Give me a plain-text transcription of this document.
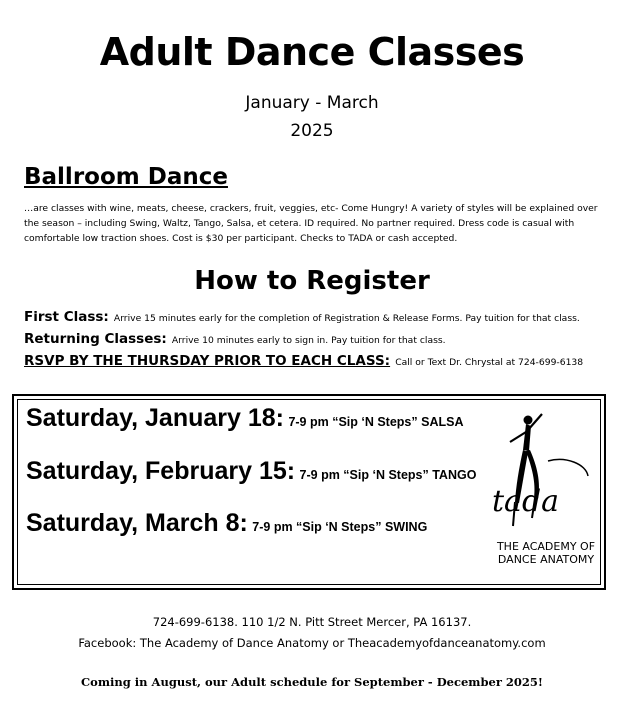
Adult Dance Classes
January - March
2025
Ballroom Dance

…are classes with wine, meats, cheese, crackers, fruit, veggies, etc- Come Hungry! A variety of styles will be explained over the season – including Swing, Waltz, Tango, Salsa, et cetera. ID required. No partner required. Dress code is casual with comfortable low traction shoes. Cost is $30 per participant. Checks to TADA or cash accepted.

How to Register
First Class: Arrive 15 minutes early for the completion of Registration & Release Forms. Pay tuition for that class.
Returning Classes: Arrive 10 minutes early to sign in. Pay tuition for that class.
RSVP BY THE THURSDAY PRIOR TO EACH CLASS: Call or Text Dr. Chrystal at 724-699-6138
Saturday, January 18: 7-9 pm “Sip ‘N Steps” SALSA
Saturday, February 15: 7-9 pm “Sip ‘N Steps” TANGO
Saturday, March 8: 7-9 pm “Sip ‘N Steps” SWING
tada
THE ACADEMY OF
DANCE ANATOMY
724-699-6138. 110 1/2 N. Pitt Street Mercer, PA 16137.
Facebook: The Academy of Dance Anatomy or Theacademyofdanceanatomy.com
Coming in August, our Adult schedule for September - December 2025!
